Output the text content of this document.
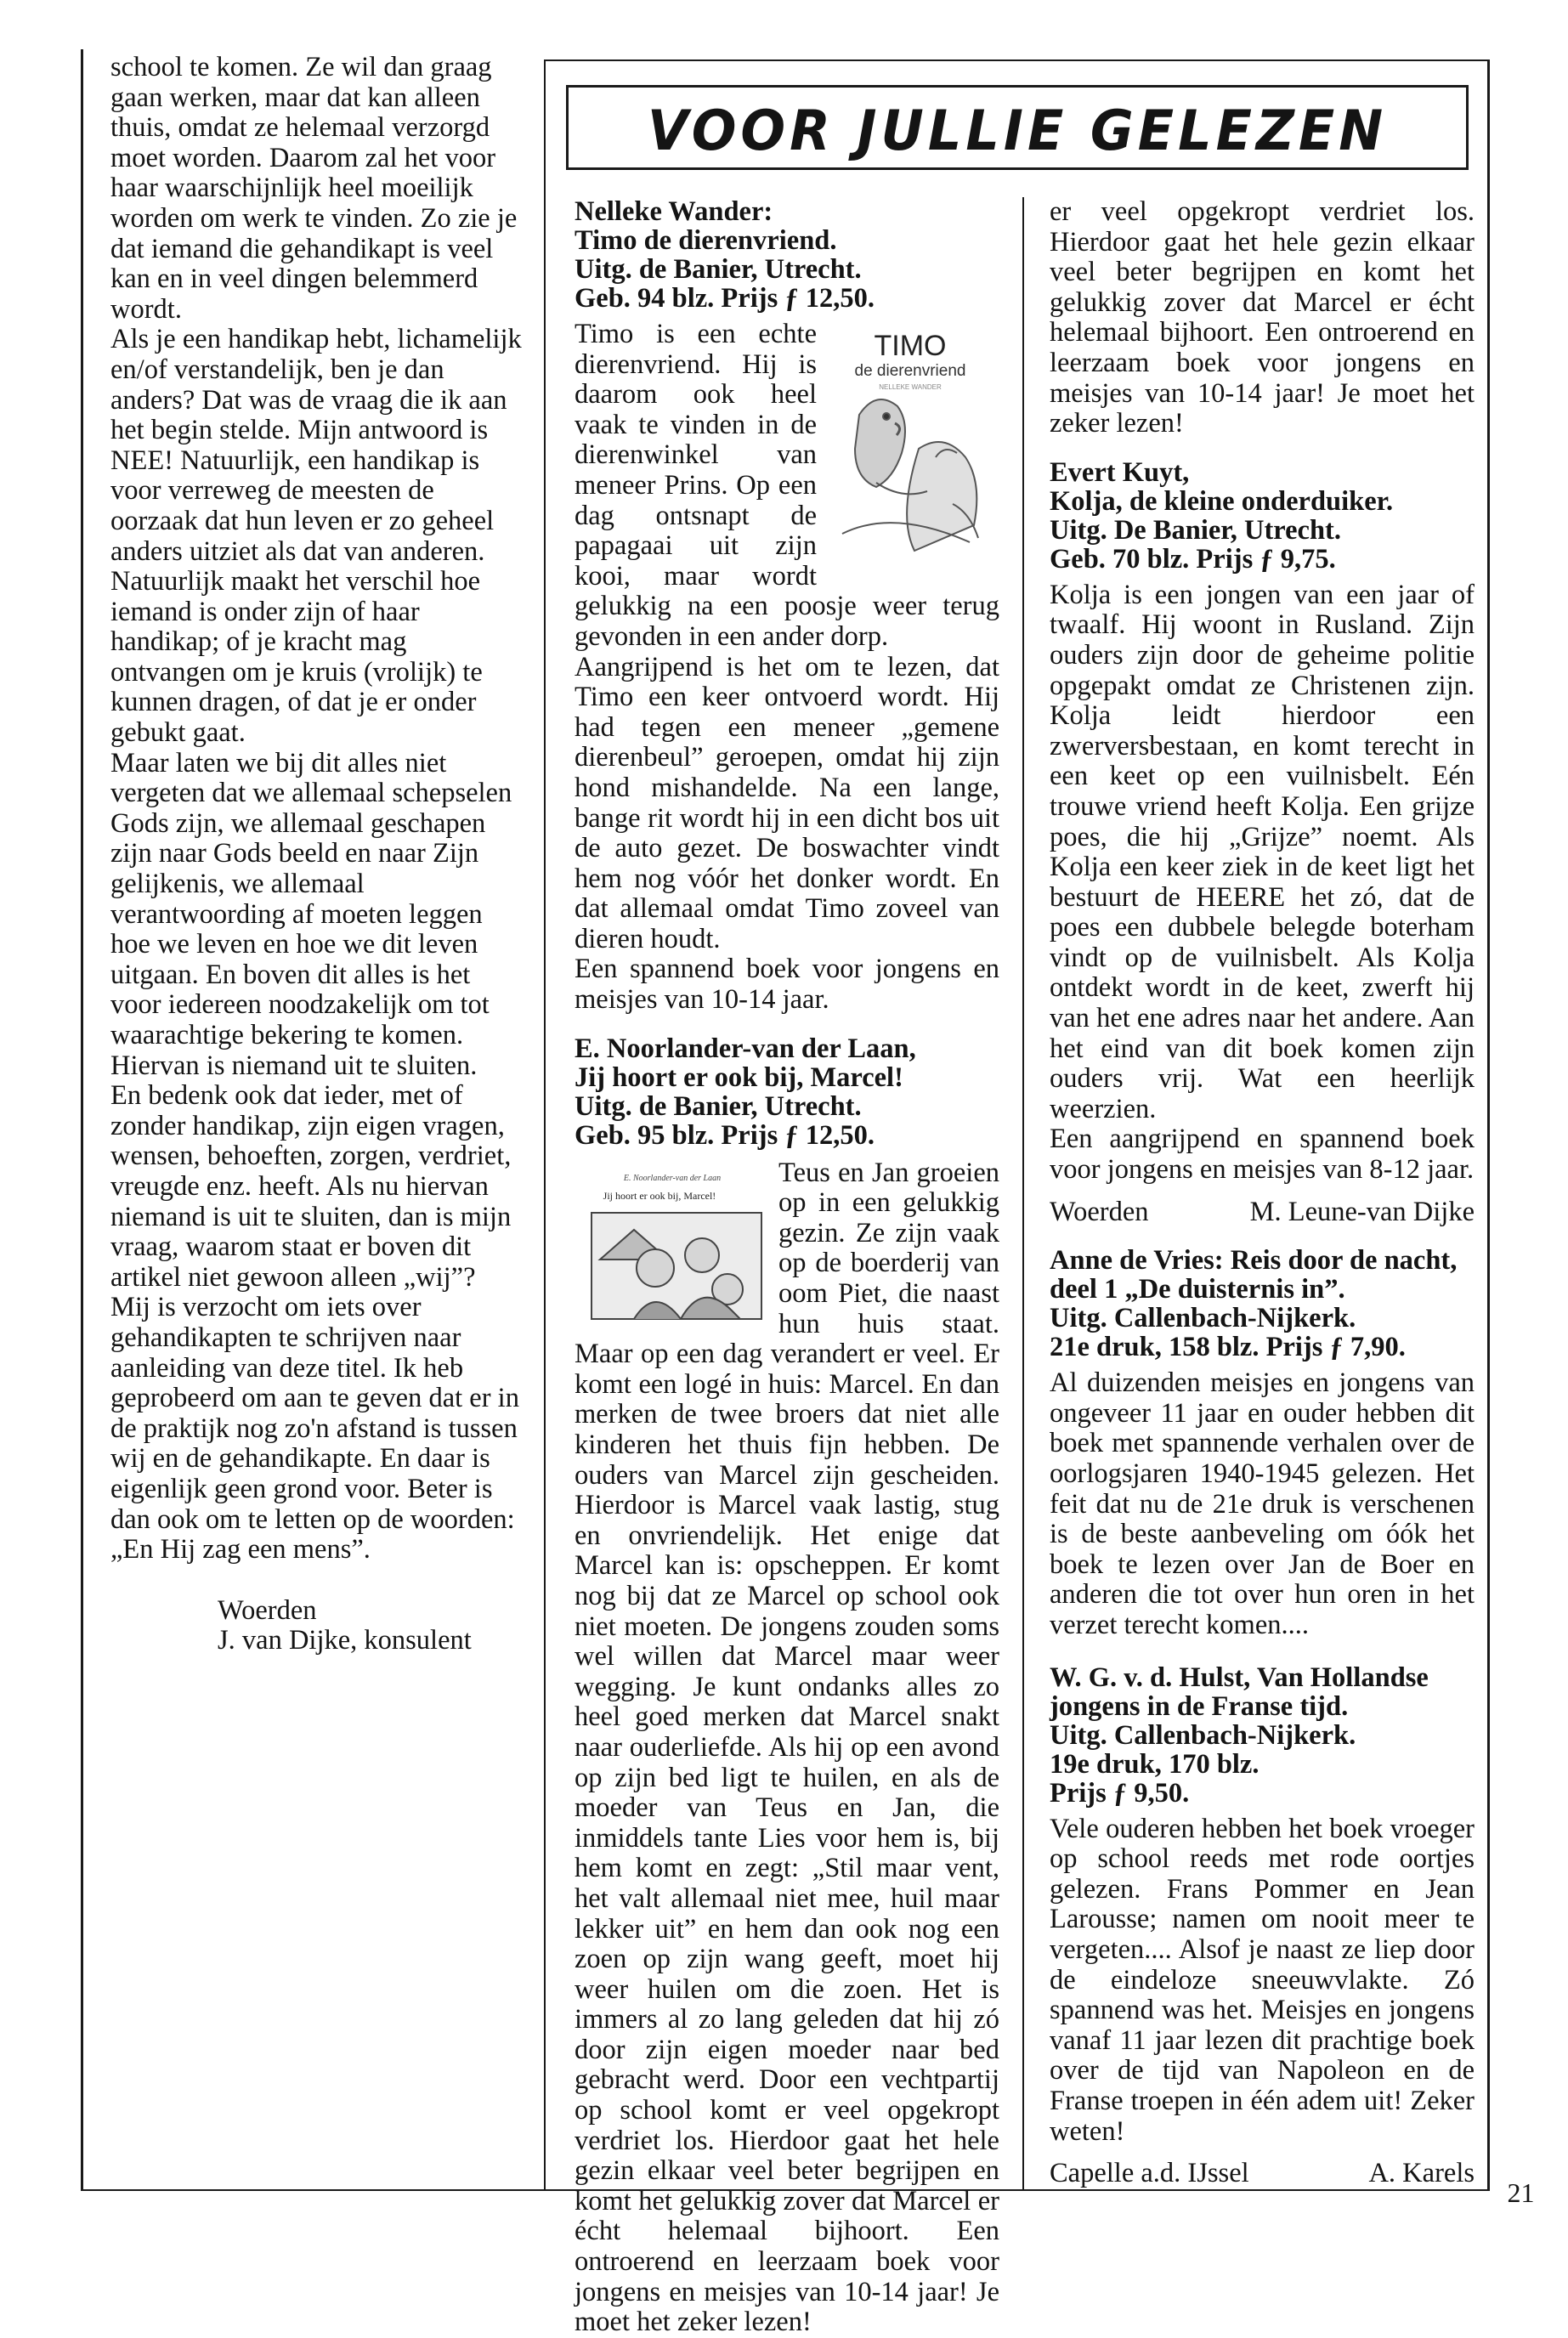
VOOR JULLIE GELEZEN

school te komen. Ze wil dan graag gaan werken, maar dat kan alleen thuis, omdat ze helemaal verzorgd moet worden. Daarom zal het voor haar waarschijnlijk heel moeilijk worden om werk te vinden. Zo zie je dat iemand die gehandikapt is veel kan en in veel dingen belemmerd wordt.

Als je een handikap hebt, lichamelijk en/of verstandelijk, ben je dan anders? Dat was de vraag die ik aan het begin stelde. Mijn antwoord is NEE! Natuurlijk, een handikap is voor verreweg de meesten de oorzaak dat hun leven er zo geheel anders uitziet als dat van anderen.

Natuurlijk maakt het verschil hoe iemand is onder zijn of haar handikap; of je kracht mag ontvangen om je kruis (vrolijk) te kunnen dragen, of dat je er onder gebukt gaat.

Maar laten we bij dit alles niet vergeten dat we allemaal schepselen Gods zijn, we allemaal geschapen zijn naar Gods beeld en naar Zijn gelijkenis, we allemaal verantwoording af moeten leggen hoe we leven en hoe we dit leven uitgaan. En boven dit alles is het voor iedereen noodzakelijk om tot waarachtige bekering te komen. Hiervan is niemand uit te sluiten.

En bedenk ook dat ieder, met of zonder handikap, zijn eigen vragen, wensen, behoeften, zorgen, verdriet, vreugde enz. heeft. Als nu hiervan niemand is uit te sluiten, dan is mijn vraag, waarom staat er boven dit artikel niet gewoon alleen „wij”?

Mij is verzocht om iets over gehandikapten te schrijven naar aanleiding van deze titel. Ik heb geprobeerd om aan te geven dat er in de praktijk nog zo'n afstand is tussen wij en de gehandikapte. En daar is eigenlijk geen grond voor. Beter is dan ook om te letten op de woorden: „En Hij zag een mens”.

Woerden

J. van Dijke, konsulent

Nelleke Wander:
Timo de dierenvriend.
Uitg. de Banier, Utrecht.
Geb. 94 blz. Prijs ƒ 12,50.
TIMO
de dierenvriend
NELLEKE WANDER

Timo is een echte dierenvriend. Hij is daarom ook heel vaak te vinden in de dierenwinkel van meneer Prins. Op een dag ontsnapt de papagaai uit zijn kooi, maar wordt gelukkig na een poosje weer terug gevonden in een ander dorp.

Aangrijpend is het om te lezen, dat Timo een keer ontvoerd wordt. Hij had tegen een meneer „gemene dierenbeul” geroepen, omdat hij zijn hond mishandelde. Na een lange, bange rit wordt hij in een dicht bos uit de auto gezet. De boswachter vindt hem nog vóór het donker wordt. En dat allemaal omdat Timo zoveel van dieren houdt.

Een spannend boek voor jongens en meisjes van 10-14 jaar.

E. Noorlander-van der Laan,
Jij hoort er ook bij, Marcel!
Uitg. de Banier, Utrecht.
Geb. 95 blz. Prijs ƒ 12,50.
E. Noorlander-van der Laan
Jij hoort er ook bij, Marcel!

Teus en Jan groeien op in een gelukkig gezin. Ze zijn vaak op de boerderij van oom Piet, die naast hun huis staat. Maar op een dag verandert er veel. Er komt een logé in huis: Marcel. En dan merken de twee broers dat niet alle kinderen het thuis fijn hebben. De ouders van Marcel zijn gescheiden. Hierdoor is Marcel vaak lastig, stug en onvriendelijk. Het enige dat Marcel kan is: opscheppen. Er komt nog bij dat ze Marcel op school ook niet moeten. De jongens zouden soms wel willen dat Marcel maar weer wegging. Je kunt ondanks alles zo heel goed merken dat Marcel snakt naar ouderliefde. Als hij op een avond op zijn bed ligt te huilen, en als de moeder van Teus en Jan, die inmiddels tante Lies voor hem is, bij hem komt en zegt: „Stil maar vent, het valt allemaal niet mee, huil maar lekker uit” en hem dan ook nog een zoen op zijn wang geeft, moet hij weer huilen om die zoen. Het is immers al zo lang geleden dat hij zó door zijn eigen moeder naar bed gebracht werd. Door een vechtpartij op school komt er veel opgekropt verdriet los. Hierdoor gaat het hele gezin elkaar veel beter begrijpen en komt het gelukkig zover dat Marcel er écht helemaal bijhoort. Een ontroerend en leerzaam boek voor jongens en meisjes van 10-14 jaar! Je moet het zeker lezen!

er veel opgekropt verdriet los. Hierdoor gaat het hele gezin elkaar veel beter begrijpen en komt het gelukkig zover dat Marcel er écht helemaal bijhoort. Een ontroerend en leerzaam boek voor jongens en meisjes van 10-14 jaar! Je moet het zeker lezen!

Evert Kuyt,
Kolja, de kleine onderduiker.
Uitg. De Banier, Utrecht.
Geb. 70 blz. Prijs ƒ 9,75.

Kolja is een jongen van een jaar of twaalf. Hij woont in Rusland. Zijn ouders zijn door de geheime politie opgepakt omdat ze Christenen zijn. Kolja leidt hierdoor een zwerversbestaan, en komt terecht in een keet op een vuilnisbelt. Eén trouwe vriend heeft Kolja. Een grijze poes, die hij „Grijze” noemt. Als Kolja een keer ziek in de keet ligt het bestuurt de HEERE het zó, dat de poes een dubbele belegde boterham vindt op de vuilnisbelt. Als Kolja ontdekt wordt in de keet, zwerft hij van het ene adres naar het andere. Aan het eind van dit boek komen zijn ouders vrij. Wat een heerlijk weerzien.

Een aangrijpend en spannend boek voor jongens en meisjes van 8-12 jaar.

Woerden	M. Leune-van Dijke
Anne de Vries: Reis door de nacht,
deel 1 „De duisternis in”.
Uitg. Callenbach-Nijkerk.
21e druk, 158 blz. Prijs ƒ 7,90.

Al duizenden meisjes en jongens van ongeveer 11 jaar en ouder hebben dit boek met spannende verhalen over de oorlogsjaren 1940-1945 gelezen. Het feit dat nu de 21e druk is verschenen is de beste aanbeveling om óók het boek te lezen over Jan de Boer en anderen die tot over hun oren in het verzet terecht komen....

W. G. v. d. Hulst, Van Hollandse
jongens in de Franse tijd.
Uitg. Callenbach-Nijkerk.
19e druk, 170 blz.
Prijs ƒ 9,50.

Vele ouderen hebben het boek vroeger op school reeds met rode oortjes gelezen. Frans Pommer en Jean Larousse; namen om nooit meer te vergeten.... Alsof je naast ze liep door de eindeloze sneeuwvlakte. Zó spannend was het. Meisjes en jongens vanaf 11 jaar lezen dit prachtige boek over de tijd van Napoleon en de Franse troepen in één adem uit! Zeker weten!

Capelle a.d. IJssel	A. Karels
21
